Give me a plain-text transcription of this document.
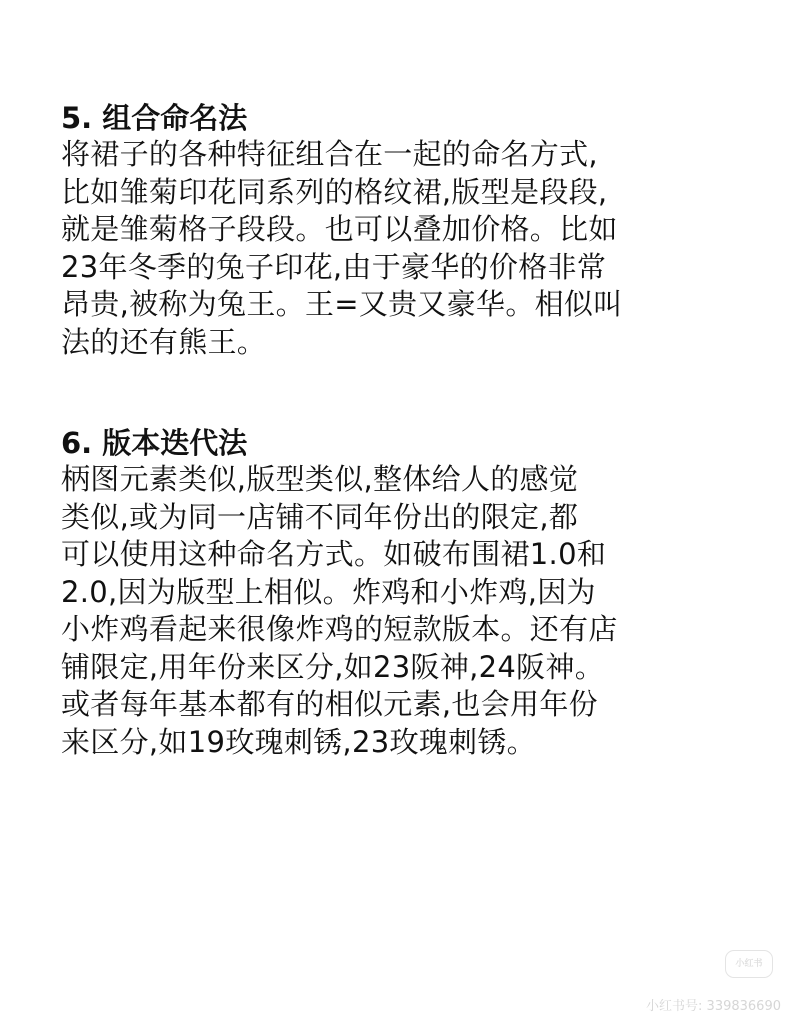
5. 组合命名法
将裙子的各种特征组合在一起的命名方式,
比如雏菊印花同系列的格纹裙,版型是段段,
就是雏菊格子段段。也可以叠加价格。比如
23年冬季的兔子印花,由于豪华的价格非常
昂贵,被称为兔王。王=又贵又豪华。相似叫
法的还有熊王。
6. 版本迭代法
柄图元素类似,版型类似,整体给人的感觉
类似,或为同一店铺不同年份出的限定,都
可以使用这种命名方式。如破布围裙1.0和
2.0,因为版型上相似。炸鸡和小炸鸡,因为
小炸鸡看起来很像炸鸡的短款版本。还有店
铺限定,用年份来区分,如23阪神,24阪神。
或者每年基本都有的相似元素,也会用年份
来区分,如19玫瑰刺锈,23玫瑰刺锈。
小红书
小红书号: 339836690
